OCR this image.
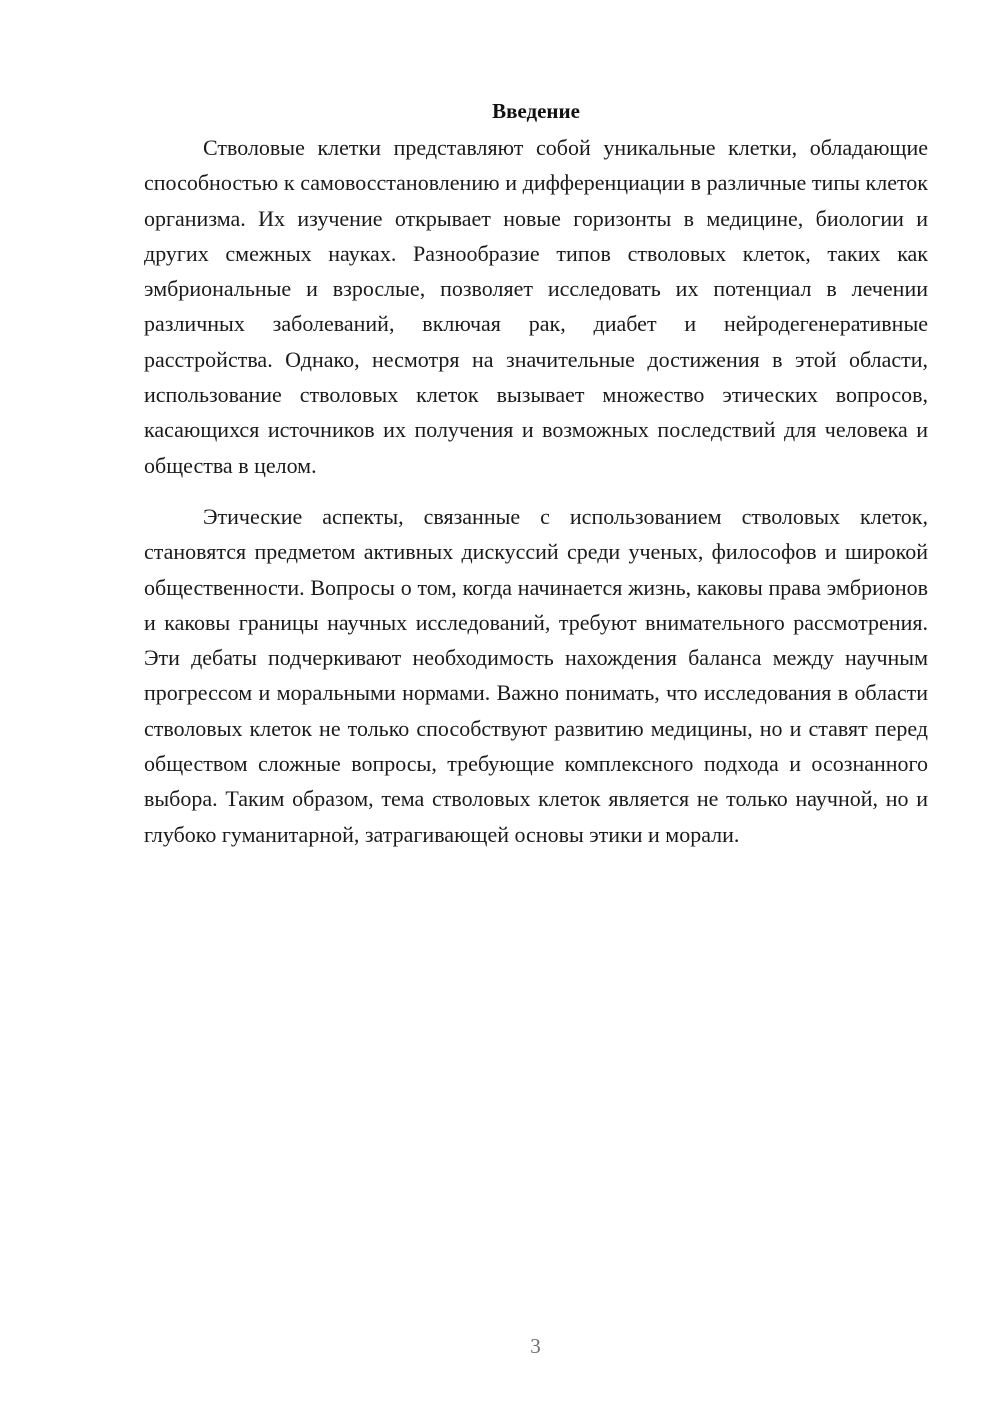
Введение

Стволовые клетки представляют собой уникальные клетки, обладающие способностью к самовосстановлению и дифференциации в различные типы клеток организма. Их изучение открывает новые горизонты в медицине, биологии и других смежных науках. Разнообразие типов стволовых клеток, таких как эмбриональные и взрослые, позволяет исследовать их потенциал в лечении различных заболеваний, включая рак, диабет и нейродегенеративные расстройства. Однако, несмотря на значительные достижения в этой области, использование стволовых клеток вызывает множество этических вопросов, касающихся источников их получения и возможных последствий для человека и общества в целом.

Этические аспекты, связанные с использованием стволовых клеток, становятся предметом активных дискуссий среди ученых, философов и широкой общественности. Вопросы о том, когда начинается жизнь, каковы права эмбрионов и каковы границы научных исследований, требуют внимательного рассмотрения. Эти дебаты подчеркивают необходимость нахождения баланса между научным прогрессом и моральными нормами. Важно понимать, что исследования в области стволовых клеток не только способствуют развитию медицины, но и ставят перед обществом сложные вопросы, требующие комплексного подхода и осознанного выбора. Таким образом, тема стволовых клеток является не только научной, но и глубоко гуманитарной, затрагивающей основы этики и морали.

3
